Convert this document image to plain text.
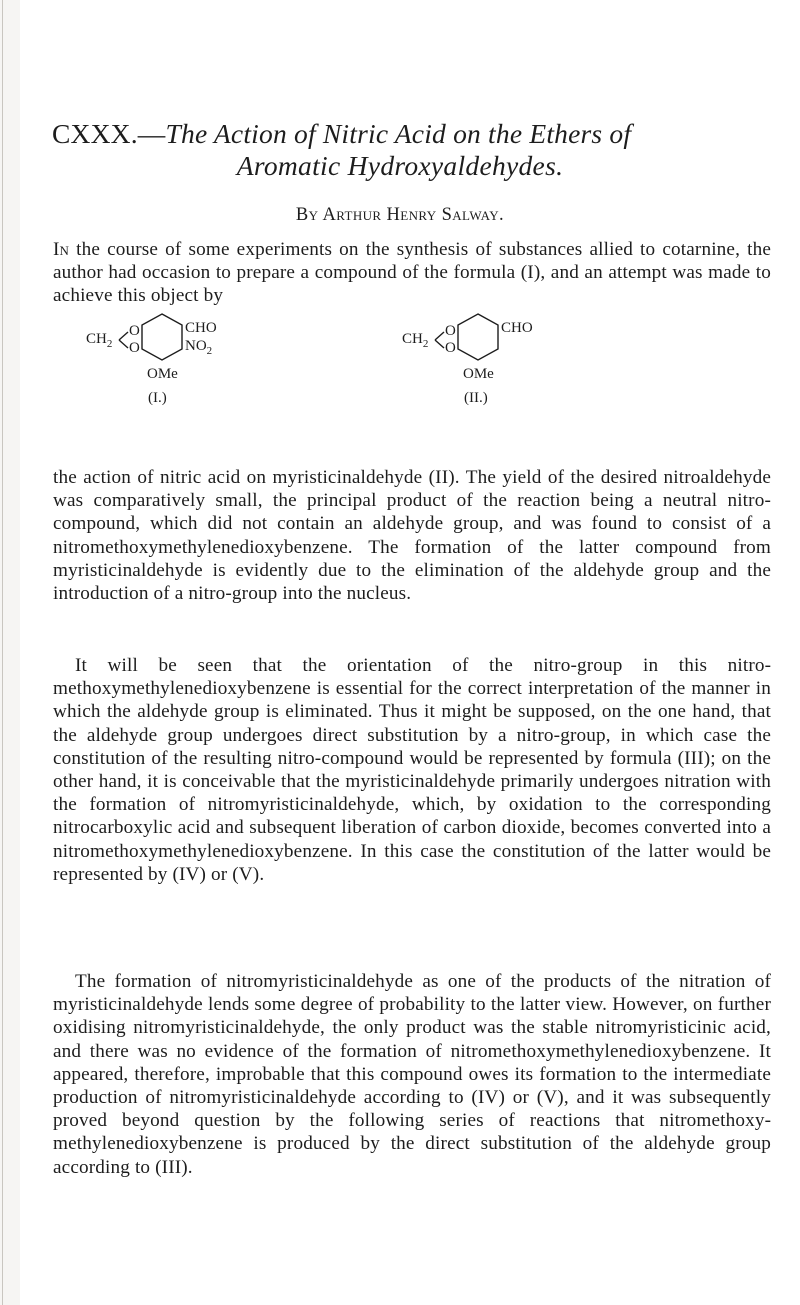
CXXX.—The Action of Nitric Acid on the Ethers of
Aromatic Hydroxyaldehydes.
By Arthur Henry Salway.
In the course of some experiments on the synthesis of substances allied to cotarnine, the author had occasion to prepare a compound of the formula (I), and an attempt was made to achieve this object by
$CH_2$
O
O
CHO
$NO_2$
OMe
(I.)
$CH_2$
O
O
CHO
OMe
(II.)
the action of nitric acid on myristicinaldehyde (II). The yield of the desired nitroaldehyde was comparatively small, the principal product of the reaction being a neutral nitro-compound, which did not contain an aldehyde group, and was found to consist of a nitromethoxymethylenedioxybenzene. The formation of the latter compound from myristicinaldehyde is evidently due to the elimination of the aldehyde group and the introduction of a nitro-group into the nucleus.
It will be seen that the orientation of the nitro-group in this nitromethoxymethylenedioxybenzene is essential for the correct interpretation of the manner in which the aldehyde group is eliminated. Thus it might be supposed, on the one hand, that the aldehyde group undergoes direct substitution by a nitro-group, in which case the constitution of the resulting nitro-compound would be represented by formula (III); on the other hand, it is conceivable that the myristicinaldehyde primarily undergoes nitration with the formation of nitromyristicinaldehyde, which, by oxidation to the corresponding nitrocarboxylic acid and subsequent liberation of carbon dioxide, becomes converted into a nitromethoxymethylenedioxybenzene. In this case the constitution of the latter would be represented by (IV) or (V).
The formation of nitromyristicinaldehyde as one of the products of the nitration of myristicinaldehyde lends some degree of probability to the latter view. However, on further oxidising nitromyristicinaldehyde, the only product was the stable nitromyristicinic acid, and there was no evidence of the formation of nitromethoxymethylenedioxybenzene. It appeared, therefore, improbable that this compound owes its formation to the intermediate production of nitromyristicinaldehyde according to (IV) or (V), and it was subsequently proved beyond question by the following series of reactions that nitromethoxymethylenedioxybenzene is produced by the direct substitution of the aldehyde group according to (III).
